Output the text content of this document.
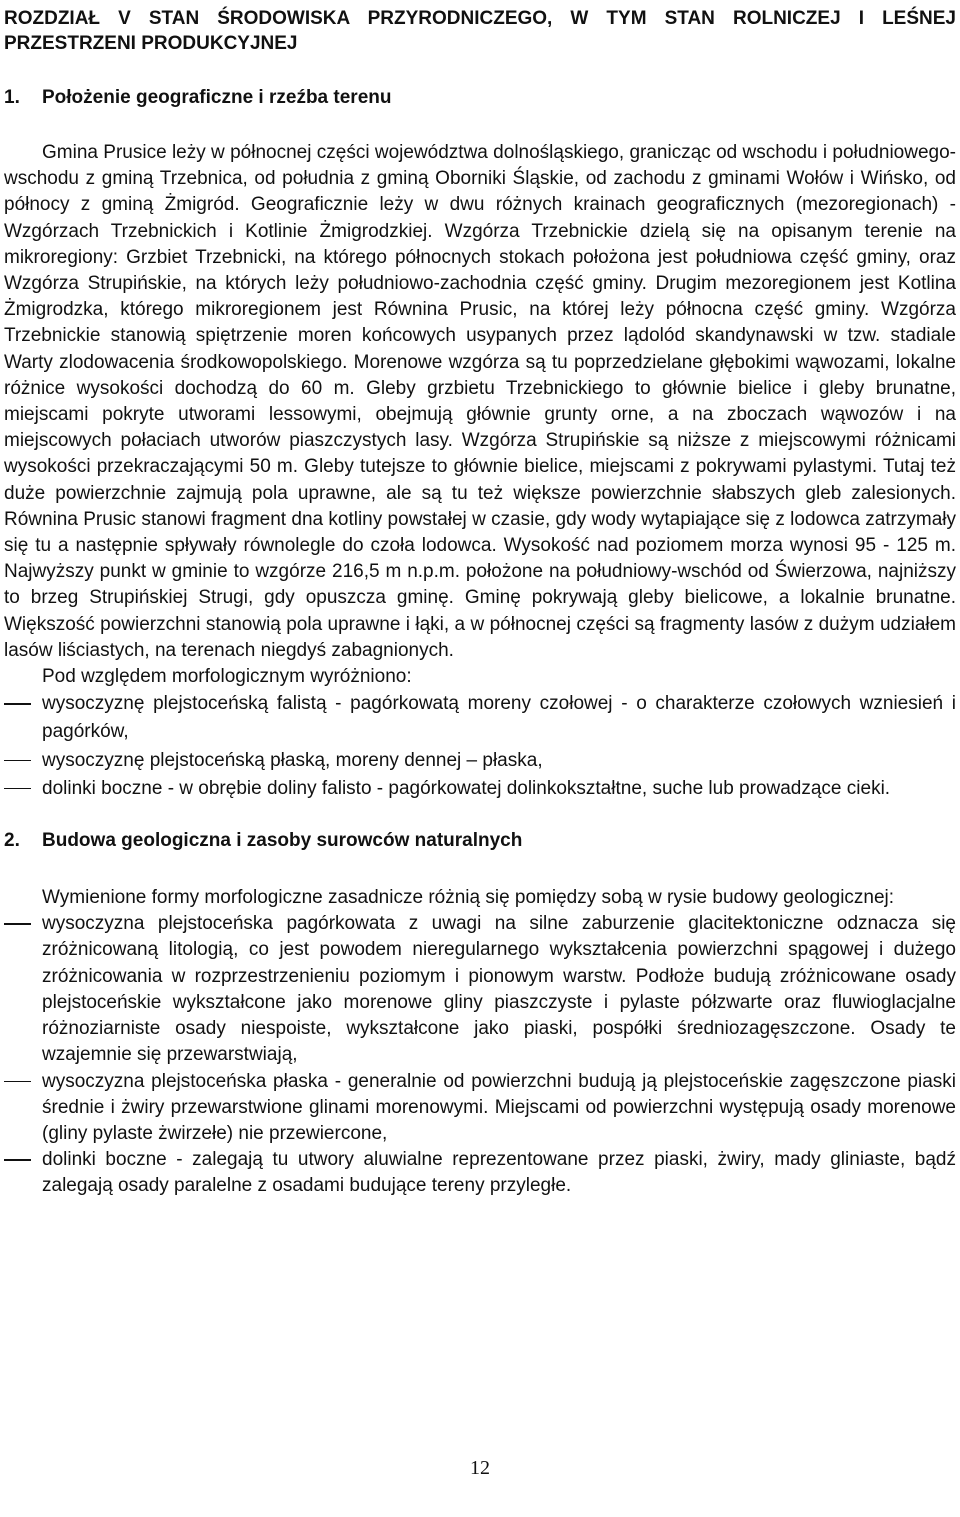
ROZDZIAŁ V STAN ŚRODOWISKA PRZYRODNICZEGO, W TYM STAN ROLNICZEJ I LEŚNEJ PRZESTRZENI PRODUKCYJNEJ
1.	Położenie geograficzne i rzeźba terenu

Gmina Prusice leży w północnej części województwa dolnośląskiego, granicząc od wschodu i południowego-wschodu z gminą Trzebnica, od południa z gminą Oborniki Śląskie, od zachodu z gminami Wołów i Wińsko, od północy z gminą Żmigród. Geograficznie leży w dwu różnych krainach geograficznych (mezoregionach) - Wzgórzach Trzebnickich i Kotlinie Żmigrodzkiej. Wzgórza Trzebnickie dzielą się na opisanym terenie na mikroregiony: Grzbiet Trzebnicki, na którego północnych stokach położona jest południowa część gminy, oraz Wzgórza Strupińskie, na których leży południowo-zachodnia część gminy. Drugim mezoregionem jest Kotlina Żmigrodzka, którego mikroregionem jest Równina Prusic, na której leży północna część gminy. Wzgórza Trzebnickie stanowią spiętrzenie moren końcowych usypanych przez lądolód skandynawski w tzw. stadiale Warty zlodowacenia środkowopolskiego. Morenowe wzgórza są tu poprzedzielane głębokimi wąwozami, lokalne różnice wysokości dochodzą do 60 m. Gleby grzbietu Trzebnickiego to głównie bielice i gleby brunatne, miejscami pokryte utworami lessowymi, obejmują głównie grunty orne, a na zboczach wąwozów i na miejscowych połaciach utworów piaszczystych lasy. Wzgórza Strupińskie są niższe z miejscowymi różnicami wysokości przekraczającymi 50 m. Gleby tutejsze to głównie bielice, miejscami z pokrywami pylastymi. Tutaj też duże powierzchnie zajmują pola uprawne, ale są tu też większe powierzchnie słabszych gleb zalesionych. Równina Prusic stanowi fragment dna kotliny powstałej w czasie, gdy wody wytapiające się z lodowca zatrzymały się tu a następnie spływały równolegle do czoła lodowca. Wysokość nad poziomem morza wynosi 95 - 125 m. Najwyższy punkt w gminie to wzgórze 216,5 m n.p.m. położone na południowy-wschód od Świerzowa, najniższy to brzeg Strupińskiej Strugi, gdy opuszcza gminę. Gminę pokrywają gleby bielicowe, a lokalnie brunatne. Większość powierzchni stanowią pola uprawne i łąki, a w północnej części są fragmenty lasów z dużym udziałem lasów liściastych, na terenach niegdyś zabagnionych.

Pod względem morfologicznym wyróżniono:

wysoczyznę plejstoceńską falistą - pagórkowatą moreny czołowej - o charakterze czołowych wzniesień i pagórków,
wysoczyznę plejstoceńską płaską, moreny dennej – płaska,
dolinki boczne - w obrębie doliny falisto - pagórkowatej dolinkokształtne, suche lub prowadzące cieki.
2.	Budowa geologiczna i zasoby surowców naturalnych

Wymienione formy morfologiczne zasadnicze różnią się pomiędzy sobą w rysie budowy geologicznej:

wysoczyzna plejstoceńska pagórkowata z uwagi na silne zaburzenie glacitektoniczne odznacza się zróżnicowaną litologią, co jest powodem nieregularnego wykształcenia powierzchni spągowej i dużego zróżnicowania w rozprzestrzenieniu poziomym i pionowym warstw. Podłoże budują zróżnicowane osady plejstoceńskie wykształcone jako morenowe gliny piaszczyste i pylaste półzwarte oraz fluwioglacjalne różnoziarniste osady niespoiste, wykształcone jako piaski, pospółki średniozagęszczone. Osady te wzajemnie się przewarstwiają,
wysoczyzna plejstoceńska płaska - generalnie od powierzchni budują ją plejstoceńskie zagęszczone piaski średnie i żwiry przewarstwione glinami morenowymi. Miejscami od powierzchni występują osady morenowe (gliny pylaste żwirzełe) nie przewiercone,
dolinki boczne - zalegają tu utwory aluwialne reprezentowane przez piaski, żwiry, mady gliniaste, bądź zalegają osady paralelne z osadami budujące tereny przyległe.
12
